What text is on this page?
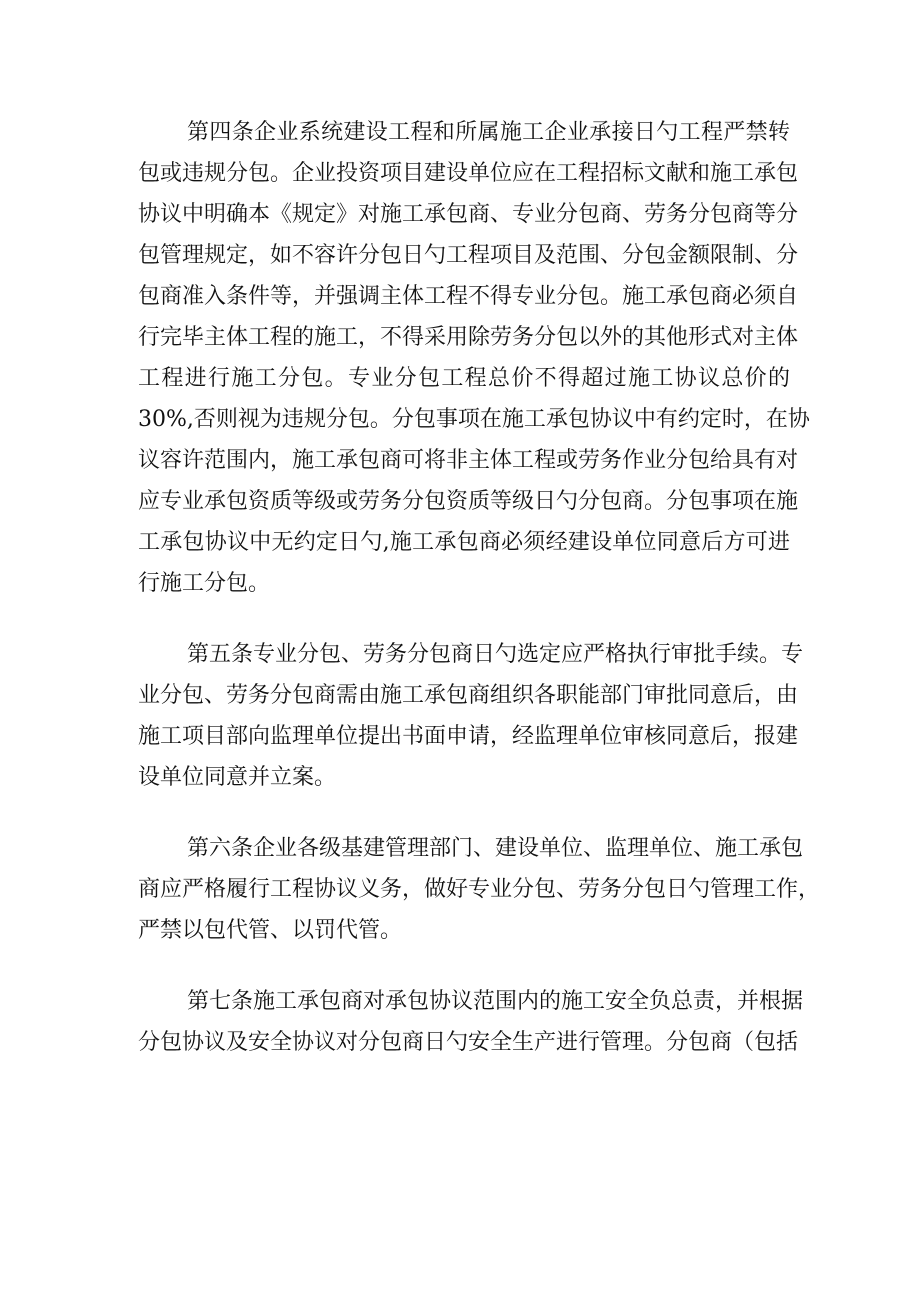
第四条企业系统建设工程和所属施工企业承接日勺工程严禁转
包或违规分包。企业投资项目建设单位应在工程招标文献和施工承包
协议中明确本《规定》对施工承包商、专业分包商、劳务分包商等分
包管理规定，如不容许分包日勺工程项目及范围、分包金额限制、分
包商准入条件等，并强调主体工程不得专业分包。施工承包商必须自
行完毕主体工程的施工，不得采用除劳务分包以外的其他形式对主体
工程进行施工分包。专业分包工程总价不得超过施工协议总价的
30%,否则视为违规分包。分包事项在施工承包协议中有约定时，在协
议容许范围内，施工承包商可将非主体工程或劳务作业分包给具有对
应专业承包资质等级或劳务分包资质等级日勺分包商。分包事项在施
工承包协议中无约定日勺,施工承包商必须经建设单位同意后方可进
行施工分包。

第五条专业分包、劳务分包商日勺选定应严格执行审批手续。专
业分包、劳务分包商需由施工承包商组织各职能部门审批同意后，由
施工项目部向监理单位提出书面申请，经监理单位审核同意后，报建
设单位同意并立案。

第六条企业各级基建管理部门、建设单位、监理单位、施工承包
商应严格履行工程协议义务，做好专业分包、劳务分包日勺管理工作，
严禁以包代管、以罚代管。

第七条施工承包商对承包协议范围内的施工安全负总责，并根据
分包协议及安全协议对分包商日勺安全生产进行管理。分包商（包括
